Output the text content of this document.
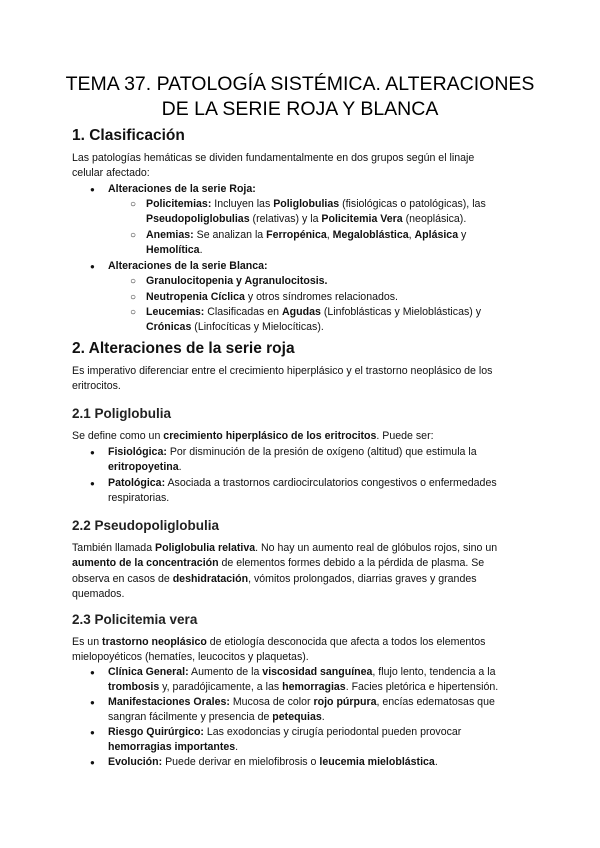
TEMA 37. PATOLOGÍA SISTÉMICA. ALTERACIONES
DE LA SERIE ROJA Y BLANCA
1. Clasificación

Las patologías hemáticas se dividen fundamentalmente en dos grupos según el linaje

celular afectado:

● Alteraciones de la serie Roja:

○ Policitemias: Incluyen las Poliglobulias (fisiológicas o patológicas), las

Pseudopoliglobulias (relativas) y la Policitemia Vera (neoplásica).

○ Anemias: Se analizan la Ferropénica, Megaloblástica, Aplásica y

Hemolítica.

● Alteraciones de la serie Blanca:

○ Granulocitopenia y Agranulocitosis.

○ Neutropenia Cíclica y otros síndromes relacionados.

○ Leucemias: Clasificadas en Agudas (Linfoblásticas y Mieloblásticas) y

Crónicas (Linfocíticas y Mielocíticas).

2. Alteraciones de la serie roja

Es imperativo diferenciar entre el crecimiento hiperplásico y el trastorno neoplásico de los

eritrocitos.

2.1 Poliglobulia

Se define como un crecimiento hiperplásico de los eritrocitos. Puede ser:

● Fisiológica: Por disminución de la presión de oxígeno (altitud) que estimula la

eritropoyetina.

● Patológica: Asociada a trastornos cardiocirculatorios congestivos o enfermedades

respiratorias.

2.2 Pseudopoliglobulia

También llamada Poliglobulia relativa. No hay un aumento real de glóbulos rojos, sino un

aumento de la concentración de elementos formes debido a la pérdida de plasma. Se

observa en casos de deshidratación, vómitos prolongados, diarrias graves y grandes

quemados.

2.3 Policitemia vera

Es un trastorno neoplásico de etiología desconocida que afecta a todos los elementos

mielopoyéticos (hematíes, leucocitos y plaquetas).

● Clínica General: Aumento de la viscosidad sanguínea, flujo lento, tendencia a la

trombosis y, paradójicamente, a las hemorragias. Facies pletórica e hipertensión.

● Manifestaciones Orales: Mucosa de color rojo púrpura, encías edematosas que

sangran fácilmente y presencia de petequias.

● Riesgo Quirúrgico: Las exodoncias y cirugía periodontal pueden provocar

hemorragias importantes.

● Evolución: Puede derivar en mielofibrosis o leucemia mieloblástica.
